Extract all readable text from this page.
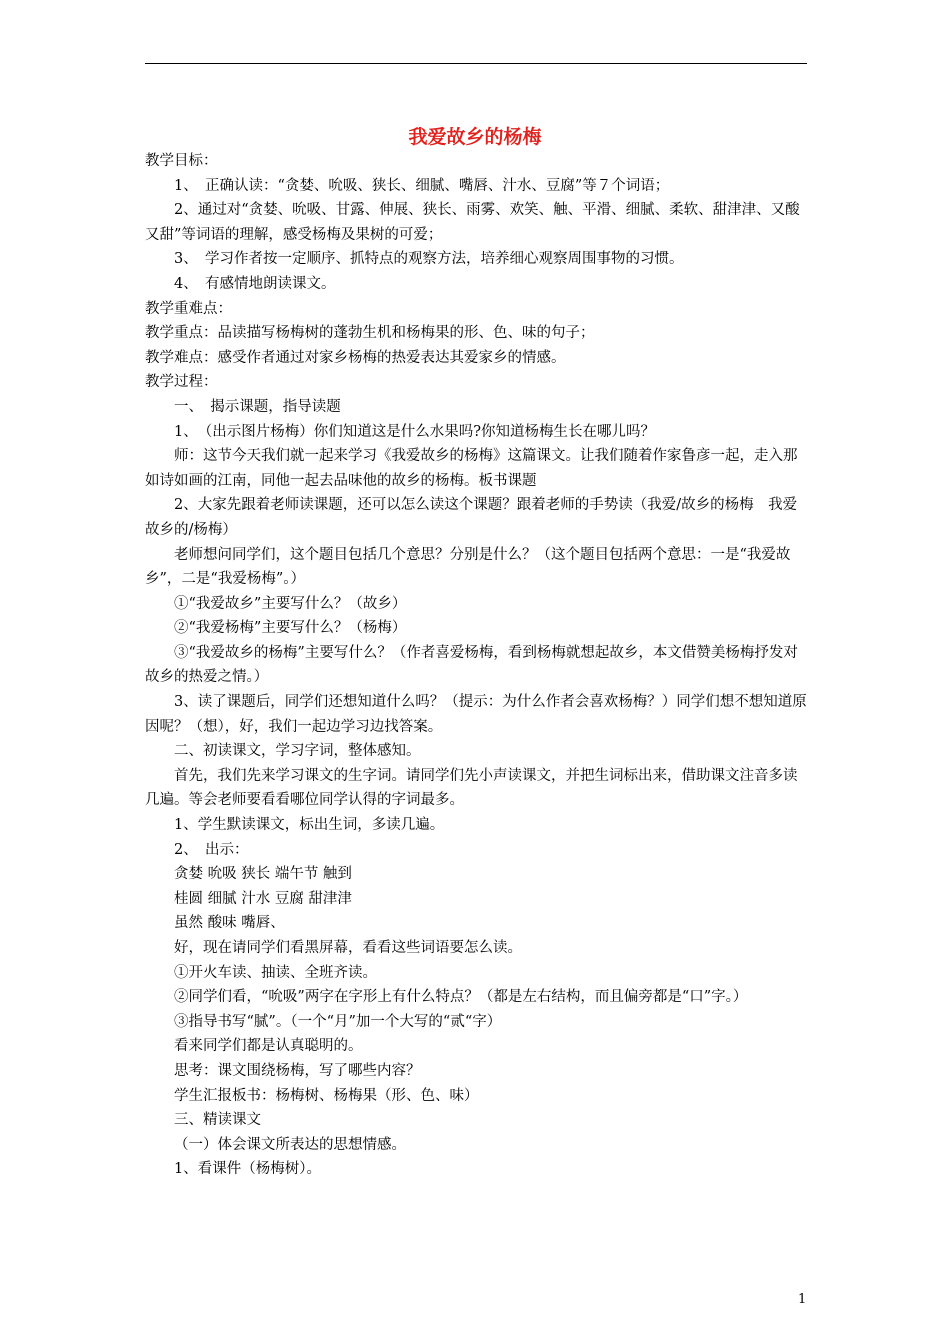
我爱故乡的杨梅

教学目标：

1、　正确认读：“贪婪、吮吸、狭长、细腻、嘴唇、汁水、豆腐”等７个词语；

2、通过对“贪婪、吮吸、甘露、伸展、狭长、雨雾、欢笑、触、平滑、细腻、柔软、甜津津、又酸又甜”等词语的理解，感受杨梅及果树的可爱；

3、　学习作者按一定顺序、抓特点的观察方法，培养细心观察周围事物的习惯。

4、　有感情地朗读课文。

教学重难点：

教学重点：品读描写杨梅树的蓬勃生机和杨梅果的形、色、味的句子；

教学难点：感受作者通过对家乡杨梅的热爱表达其爱家乡的情感。

教学过程：

一、　揭示课题，指导读题

1、　（出示图片杨梅）你们知道这是什么水果吗?你知道杨梅生长在哪儿吗？

师：这节今天我们就一起来学习《我爱故乡的杨梅》这篇课文。让我们随着作家鲁彦一起，走入那如诗如画的江南，同他一起去品味他的故乡的杨梅。板书课题

2、大家先跟着老师读课题，还可以怎么读这个课题？跟着老师的手势读（我爱/故乡的杨梅　我爱故乡的/杨梅）

老师想问同学们，这个题目包括几个意思？分别是什么？（这个题目包括两个意思：一是“我爱故乡”，二是“我爱杨梅”。）

①“我爱故乡”主要写什么？（故乡）

②“我爱杨梅”主要写什么？（杨梅）

③“我爱故乡的杨梅”主要写什么？（作者喜爱杨梅，看到杨梅就想起故乡，本文借赞美杨梅抒发对故乡的热爱之情。）

3、读了课题后，同学们还想知道什么吗？（提示：为什么作者会喜欢杨梅？）同学们想不想知道原因呢？（想），好，我们一起边学习边找答案。

二、初读课文，学习字词，整体感知。

首先，我们先来学习课文的生字词。请同学们先小声读课文，并把生词标出来，借助课文注音多读几遍。等会老师要看看哪位同学认得的字词最多。

1、学生默读课文，标出生词，多读几遍。

2、　出示：

贪婪 吮吸 狭长 端午节 触到

桂圆 细腻 汁水 豆腐 甜津津

虽然 酸味 嘴唇、

好，现在请同学们看黑屏幕，看看这些词语要怎么读。

①开火车读、抽读、全班齐读。

②同学们看，“吮吸”两字在字形上有什么特点？（都是左右结构，而且偏旁都是“口”字。）

③指导书写“腻”。（一个“月”加一个大写的“贰“字）

看来同学们都是认真聪明的。

思考：课文围绕杨梅，写了哪些内容？

学生汇报板书：杨梅树、杨梅果（形、色、味）

三、精读课文

（一）体会课文所表达的思想情感。

1、看课件（杨梅树）。

1
